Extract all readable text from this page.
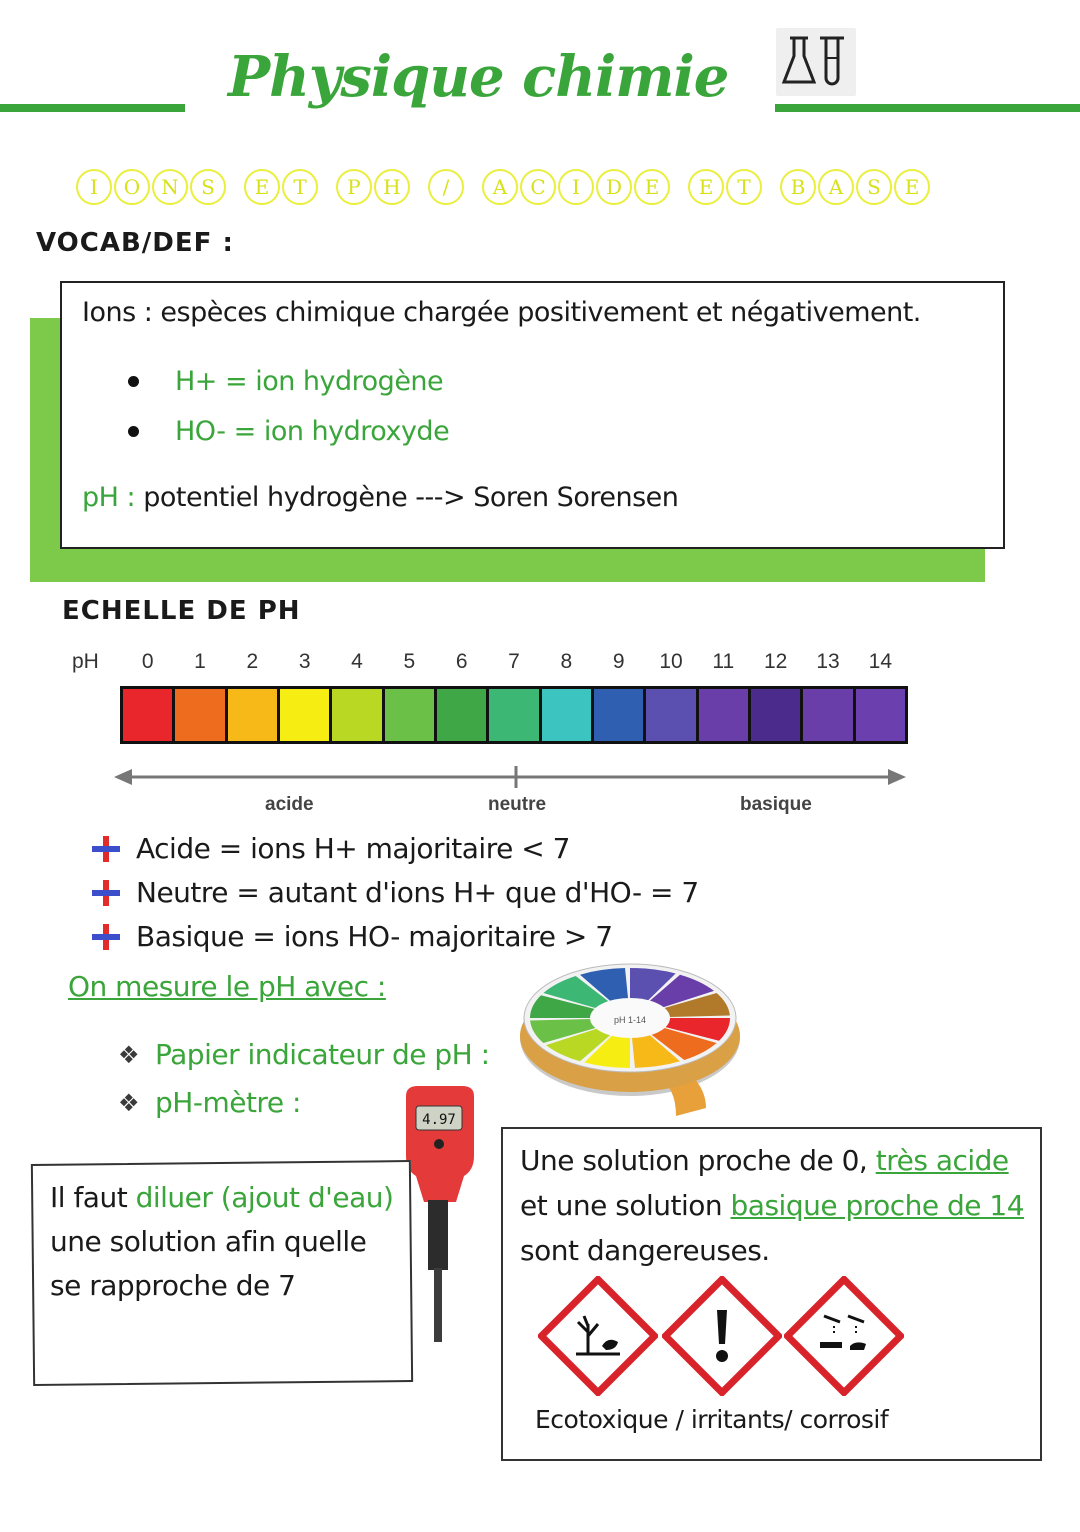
Physique chimie
I	O	N	S	E	T	P	H	/	A	C	I	D	E	E	T	B	A	S	E
VOCAB/DEF :
Ions : espèces chimique chargée positivement et négativement.
H+ = ion hydrogène
HO- = ion hydroxyde
pH : potentiel hydrogène ---> Soren Sorensen
ECHELLE DE PH
pH	0	1	2	3	4	5	6	7	8	9	10	11	12	13	14
acide	neutre	basique
Acide = ions H+ majoritaire < 7
Neutre = autant d'ions H+ que d'HO- = 7
Basique = ions HO- majoritaire > 7
On mesure le pH avec :
❖ Papier indicateur de pH :
❖ pH-mètre :
pH 1-14
4.97
Il faut diluer (ajout d'eau) une solution afin quelle se rapproche de 7
Une solution proche de 0, très acide
et une solution basique proche de 14
sont dangereuses.
Ecotoxique / irritants/ corrosif
